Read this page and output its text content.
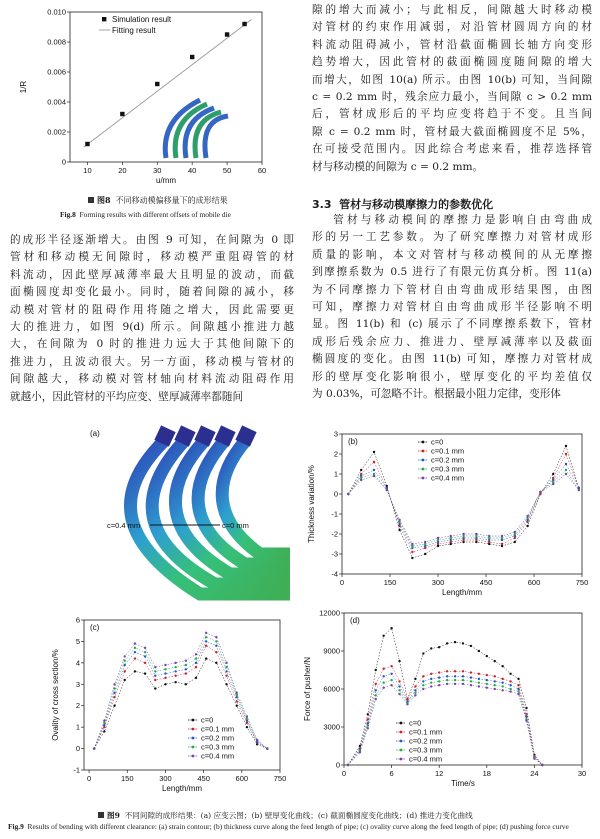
10	20	30	40	50	60
0
0.002
0.004
0.006
0.008
0.010
u/mm
1/R
Simulation result
Fitting result
图8 不同移动模偏移量下的成形结果
Fig.8 Forming results with different offsets of mobile die
隙的增大而减小；与此相反，间隙越大时移动模
对管材的约束作用减弱，对沿管材圆周方向的材
料流动阻碍减小，管材沿截面椭圆长轴方向变形
趋势增大，因此管材的截面椭圆度随间隙的增大
而增大，如图 10(a) 所示。由图 10(b) 可知，当间隙
c = 0.2 mm 时，残余应力最小，当间隙 c > 0.2 mm
后，管材成形后的平均应变将趋于不变。且当间
隙 c = 0.2 mm 时，管材最大截面椭圆度不足 5%，
在可接受范围内。因此综合考虑来看，推荐选择管
材与移动模的间隙为 c = 0.2 mm。
3.3 管材与移动模摩擦力的参数优化
管材与移动模间的摩擦力是影响自由弯曲成
形的另一工艺参数。为了研究摩擦力对管材成形
质量的影响，本文对管材与移动模间的从无摩擦
到摩擦系数为 0.5 进行了有限元仿真分析。图 11(a)
为不同摩擦力下管材自由弯曲成形结果图，由图
可知，摩擦力对管材自由弯曲成形半径影响不明
显。图 11(b) 和 (c) 展示了不同摩擦系数下，管材
成形后残余应力、推进力、壁厚减薄率以及截面
椭圆度的变化。由图 11(b) 可知，摩擦力对管材成
形的壁厚变化影响很小，壁厚变化的平均差值仅
为 0.03%，可忽略不计。根据最小阻力定律，变形体
的成形半径逐渐增大。由图 9 可知，在间隙为 0 即
管材和移动模无间隙时，移动模严重阻碍管的材
料流动，因此壁厚减薄率最大且明显的波动，而截
面椭圆度却变化最小。同时，随着间隙的减小，移
动模对管材的阻碍作用将随之增大，因此需要更
大的推进力，如图 9(d) 所示。间隙越小推进力越
大，在间隙为 0 时的推进力远大于其他间隙下的
推进力，且波动很大。另一方面，移动模与管材的
间隙越大，移动模对管材轴向材料流动阻碍作用
就越小，因此管材的平均应变、壁厚减薄率都随间
c=0.4 mm	c=0 mm
(a)
0	150	300	450	600	750
-4
-3
-2
-1
0
1
2
3
Length/mm
Thickness variation/%
(b)	c=0
c=0.1 mm
c=0.2 mm
c=0.3 mm
c=0.4 mm
0	150	300	450	600	750
-1
0
1
2
3
4
5
6
Length/mm
Ovality of cross section/%
(c)
c=0
c=0.1 mm
c=0.2 mm
c=0.3 mm
c=0.4 mm
0	6	12	18	24	30
0
3000
6000
9000
12000
Time/s
Force of pusher/N
(d)
c=0
c=0.1 mm
c=0.2 mm
c=0.3 mm
c=0.4 mm
图9 不同间隙的成形结果：(a) 应变云图；(b) 壁厚变化曲线；(c) 截面椭圆度变化曲线；(d) 推进力变化曲线
Fig.9 Results of bending with different clearance: (a) strain contour; (b) thickness curve along the feed length of pipe; (c) ovality curve along the feed length of pipe; (d) pushing force curve
